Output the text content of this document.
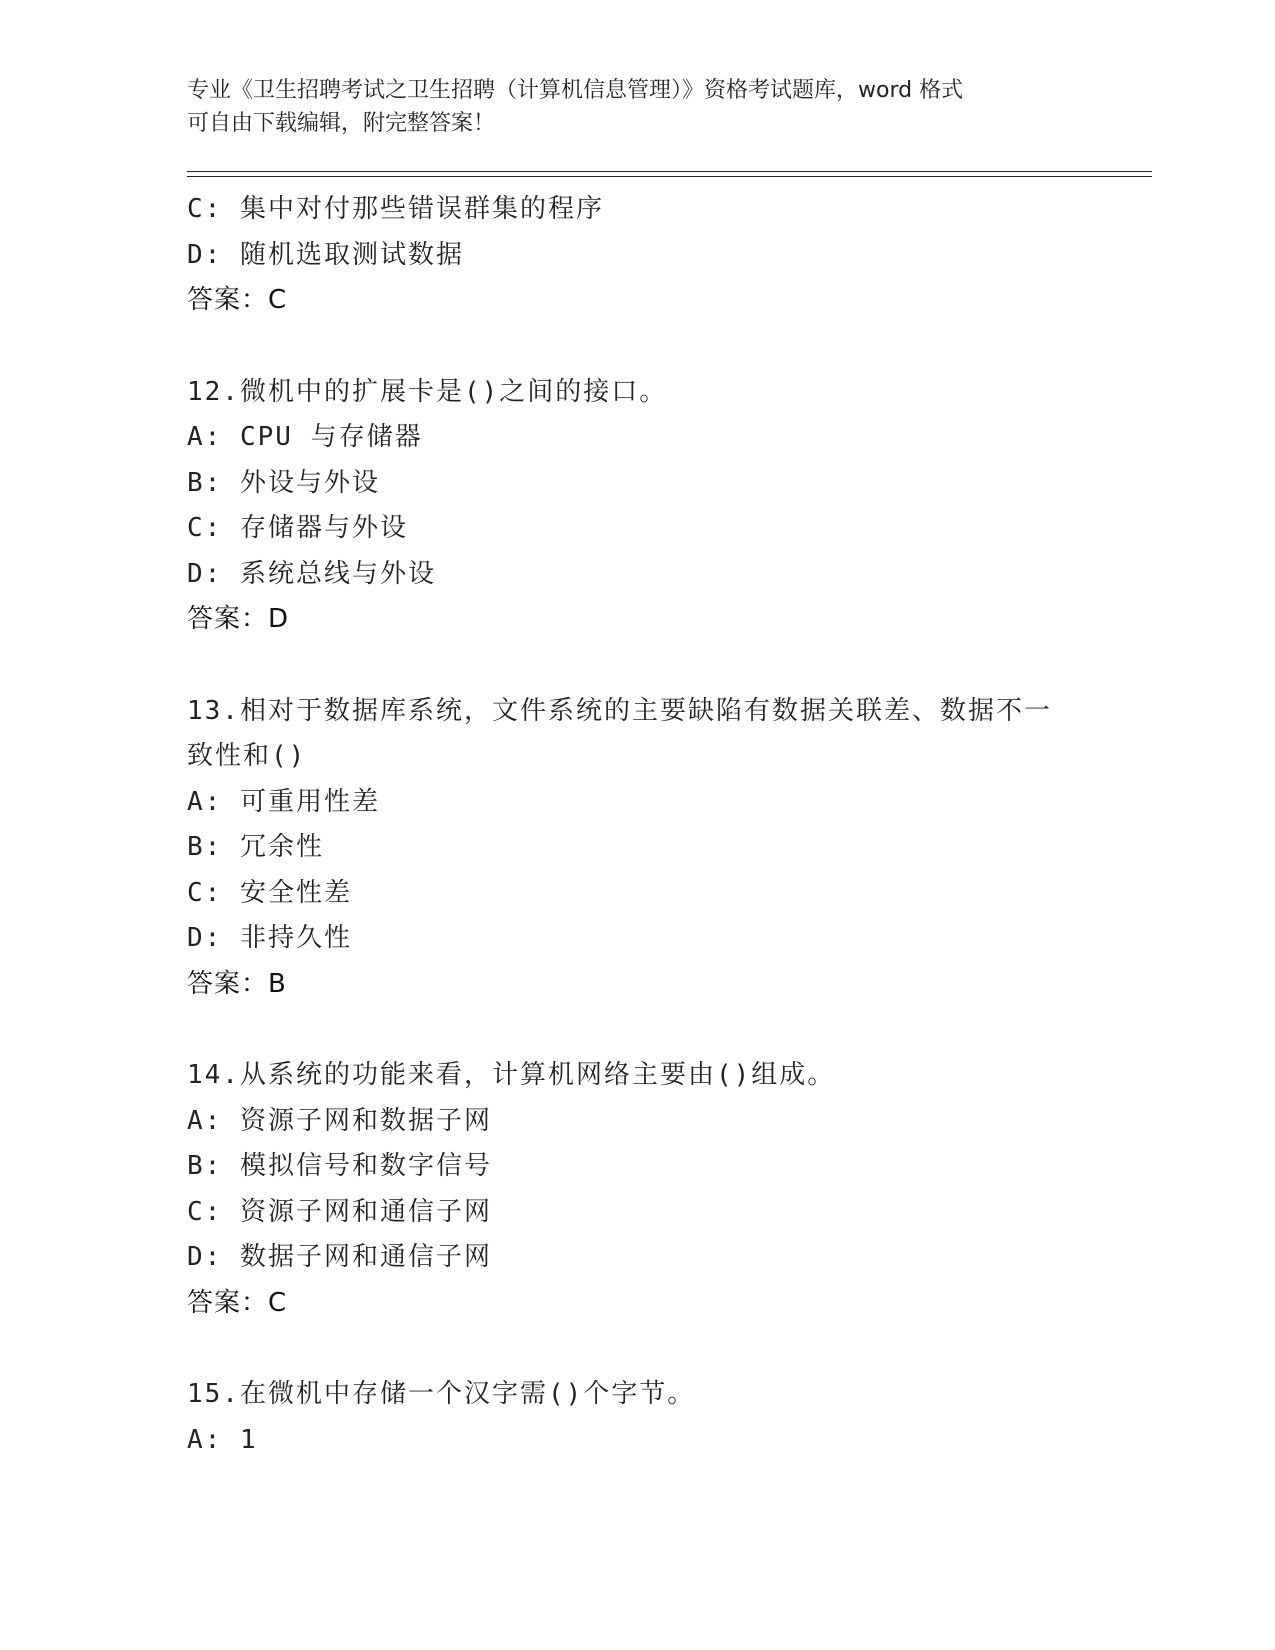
专业《卫生招聘考试之卫生招聘（计算机信息管理）》资格考试题库，word 格式
可自由下载编辑，附完整答案！
C: 集中对付那些错误群集的程序
D: 随机选取测试数据
答案：C
12.微机中的扩展卡是()之间的接口。
A: CPU 与存储器
B: 外设与外设
C: 存储器与外设
D: 系统总线与外设
答案：D
13.相对于数据库系统，文件系统的主要缺陷有数据关联差、数据不一
致性和()
A: 可重用性差
B: 冗余性
C: 安全性差
D: 非持久性
答案：B
14.从系统的功能来看，计算机网络主要由()组成。
A: 资源子网和数据子网
B: 模拟信号和数字信号
C: 资源子网和通信子网
D: 数据子网和通信子网
答案：C
15.在微机中存储一个汉字需()个字节。
A: 1
